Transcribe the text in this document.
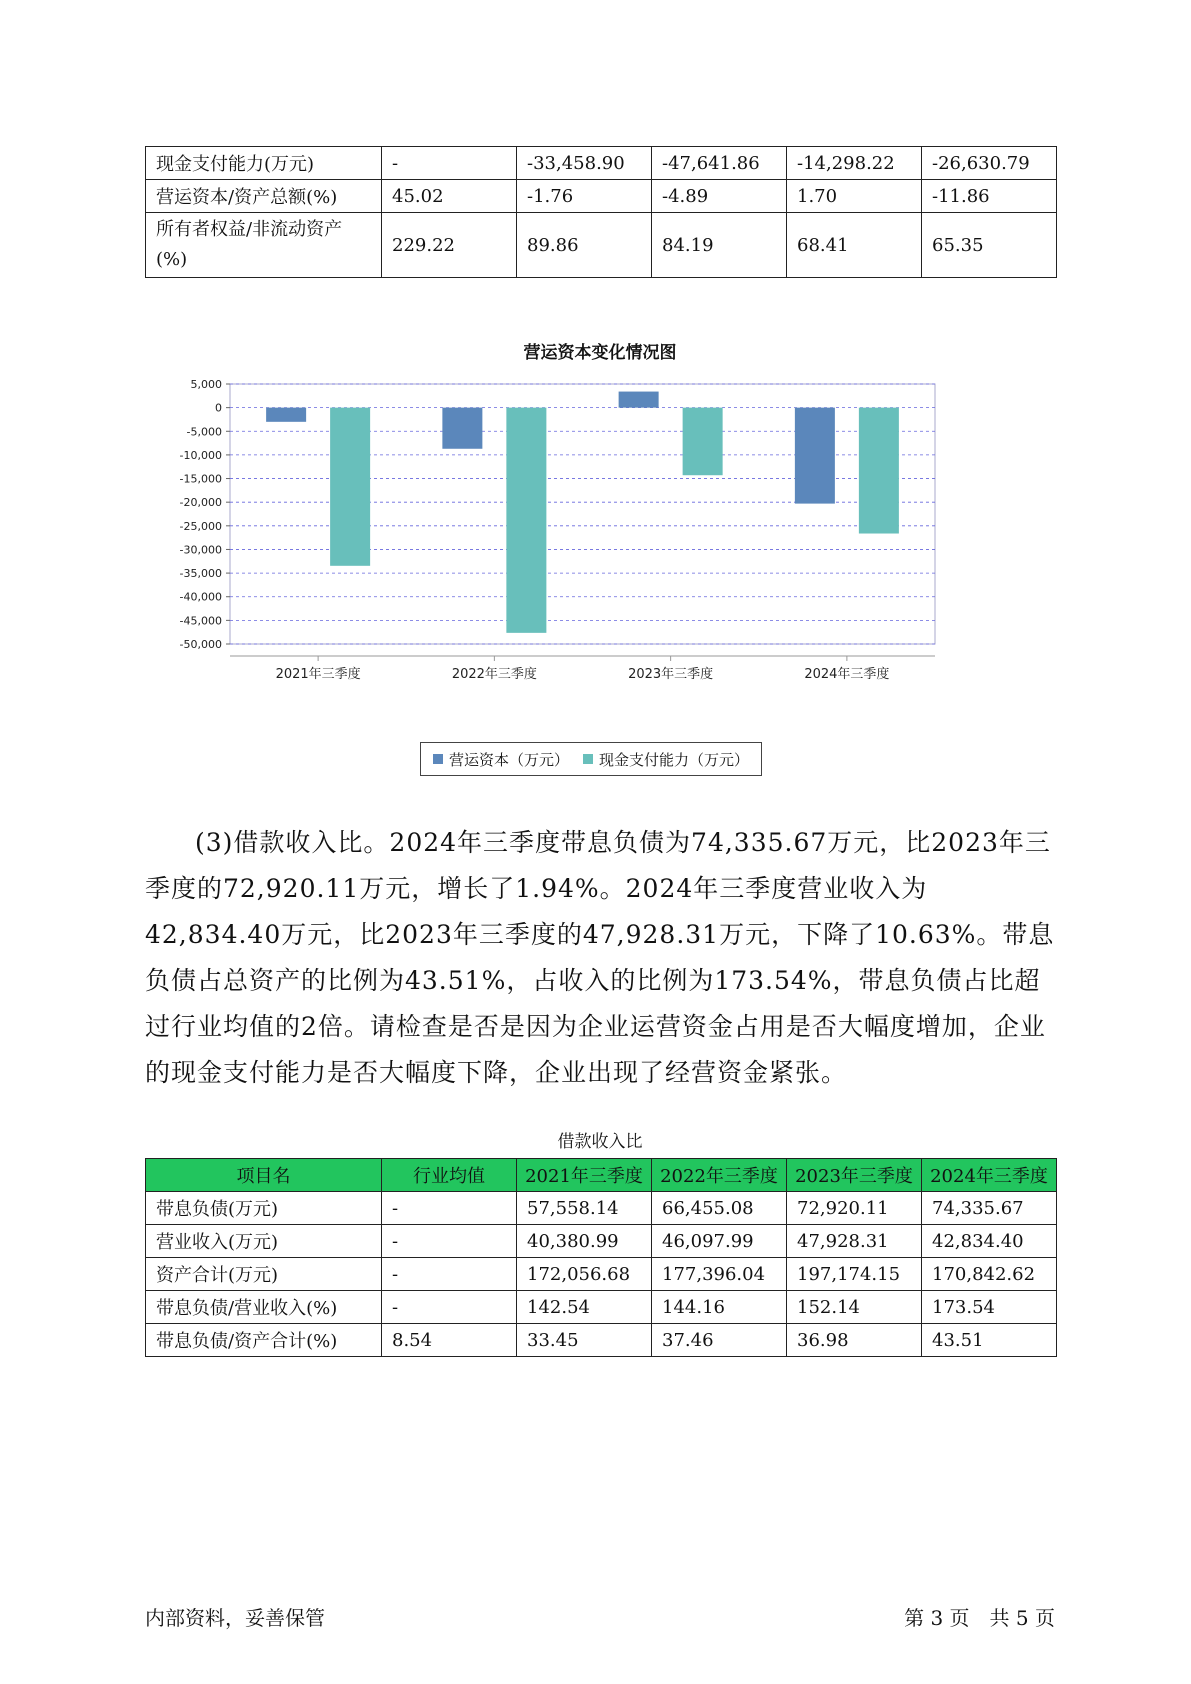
现金支付能力(万元)	-	-33,458.90	-47,641.86	-14,298.22	-26,630.79
营运资本/资产总额(%)	45.02	-1.76	-4.89	1.70	-11.86
所有者权益/非流动资产(%)	229.22	89.86	84.19	68.41	65.35
营运资本变化情况图
5,000
0
-5,000
-10,000
-15,000
-20,000
-25,000
-30,000
-35,000
-40,000
-45,000
-50,000
2021年三季度	2022年三季度	2023年三季度	2024年三季度
营运资本（万元） 现金支付能力（万元）

(3)借款收入比。2024年三季度带息负债为74,335.67万元，比2023年三季度的72,920.11万元，增长了1.94%。2024年三季度营业收入为42,834.40万元，比2023年三季度的47,928.31万元，下降了10.63%。带息负债占总资产的比例为43.51%，占收入的比例为173.54%，带息负债占比超过行业均值的2倍。请检查是否是因为企业运营资金占用是否大幅度增加，企业的现金支付能力是否大幅度下降，企业出现了经营资金紧张。

借款收入比
项目名	行业均值	2021年三季度	2022年三季度	2023年三季度	2024年三季度
带息负债(万元)	-	57,558.14	66,455.08	72,920.11	74,335.67
营业收入(万元)	-	40,380.99	46,097.99	47,928.31	42,834.40
资产合计(万元)	-	172,056.68	177,396.04	197,174.15	170,842.62
带息负债/营业收入(%)	-	142.54	144.16	152.14	173.54
带息负债/资产合计(%)	8.54	33.45	37.46	36.98	43.51
内部资料，妥善保管	第 3 页　共 5 页
